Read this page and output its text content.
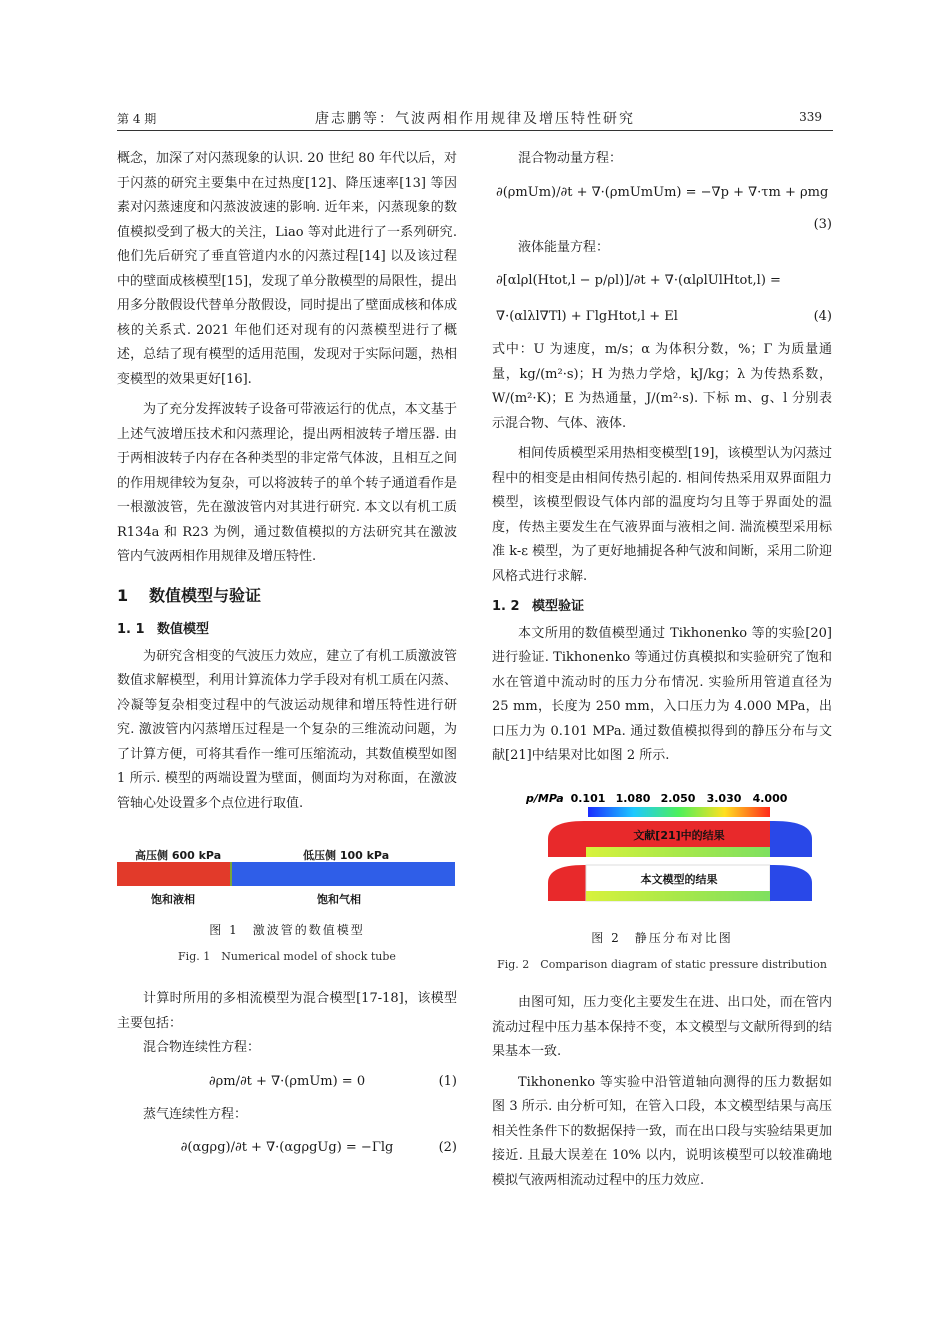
第 4 期	唐志鹏等：气波两相作用规律及增压特性研究	339

概念，加深了对闪蒸现象的认识. 20 世纪 80 年代以后，对于闪蒸的研究主要集中在过热度[12]、降压速率[13] 等因素对闪蒸速度和闪蒸波波速的影响. 近年来，闪蒸现象的数值模拟受到了极大的关注，Liao 等对此进行了一系列研究. 他们先后研究了垂直管道内水的闪蒸过程[14] 以及该过程中的壁面成核模型[15]，发现了单分散模型的局限性，提出用多分散假设代替单分散假设，同时提出了壁面成核和体成核的关系式. 2021 年他们还对现有的闪蒸模型进行了概述，总结了现有模型的适用范围，发现对于实际问题，热相变模型的效果更好[16].

为了充分发挥波转子设备可带液运行的优点，本文基于上述气波增压技术和闪蒸理论，提出两相波转子增压器. 由于两相波转子内存在各种类型的非定常气体波，且相互之间的作用规律较为复杂，可以将波转子的单个转子通道看作是一根激波管，先在激波管内对其进行研究. 本文以有机工质 R134a 和 R23 为例，通过数值模拟的方法研究其在激波管内气波两相作用规律及增压特性.

1 数值模型与验证
1. 1 数值模型

为研究含相变的气波压力效应，建立了有机工质激波管数值求解模型，利用计算流体力学手段对有机工质在闪蒸、冷凝等复杂相变过程中的气波运动规律和增压特性进行研究. 激波管内闪蒸增压过程是一个复杂的三维流动问题，为了计算方便，可将其看作一维可压缩流动，其数值模型如图 1 所示. 模型的两端设置为壁面，侧面均为对称面，在激波管轴心处设置多个点位进行取值.

高压侧 600 kPa	低压侧 100 kPa
饱和液相	饱和气相
图 1　激波管的数值模型
Fig. 1　Numerical model of shock tube

计算时所用的多相流模型为混合模型[17-18]，该模型主要包括：

混合物连续性方程：

∂ρm/∂t + ∇·(ρmUm) = 0	(1)

蒸气连续性方程：

∂(αgρg)/∂t + ∇·(αgρgUg) = −Γlg	(2)

混合物动量方程：

∂(ρmUm)/∂t + ∇·(ρmUmUm) = −∇p + ∇·τm + ρmg
(3)

液体能量方程：

∂[αlρl(Htot,l − p/ρl)]/∂t + ∇·(αlρlUlHtot,l) =
∇·(αlλl∇Tl) + ΓlgHtot,l + El	(4)

式中：U 为速度，m/s；α 为体积分数，%；Γ 为质量通量，kg/(m²·s)；H 为热力学焓，kJ/kg；λ 为传热系数，W/(m²·K)；E 为热通量，J/(m²·s). 下标 m、g、l 分别表示混合物、气体、液体.

相间传质模型采用热相变模型[19]，该模型认为闪蒸过程中的相变是由相间传热引起的. 相间传热采用双界面阻力模型，该模型假设气体内部的温度均匀且等于界面处的温度，传热主要发生在气液界面与液相之间. 湍流模型采用标准 k-ε 模型，为了更好地捕捉各种气波和间断，采用二阶迎风格式进行求解.

1. 2 模型验证

本文所用的数值模型通过 Tikhonenko 等的实验[20] 进行验证. Tikhonenko 等通过仿真模拟和实验研究了饱和水在管道中流动时的压力分布情况. 实验所用管道直径为 25 mm，长度为 250 mm，入口压力为 4.000 MPa，出口压力为 0.101 MPa. 通过数值模拟得到的静压分布与文献[21]中结果对比如图 2 所示.

p/MPa 0.101 1.080 2.050 3.030 4.000
文献[21]中的结果
本文模型的结果
图 2　静压分布对比图
Fig. 2　Comparison diagram of static pressure distribution

由图可知，压力变化主要发生在进、出口处，而在管内流动过程中压力基本保持不变，本文模型与文献所得到的结果基本一致.

Tikhonenko 等实验中沿管道轴向测得的压力数据如图 3 所示. 由分析可知，在管入口段，本文模型结果与高压相关性条件下的数据保持一致，而在出口段与实验结果更加接近. 且最大误差在 10% 以内，说明该模型可以较准确地模拟气液两相流动过程中的压力效应.
